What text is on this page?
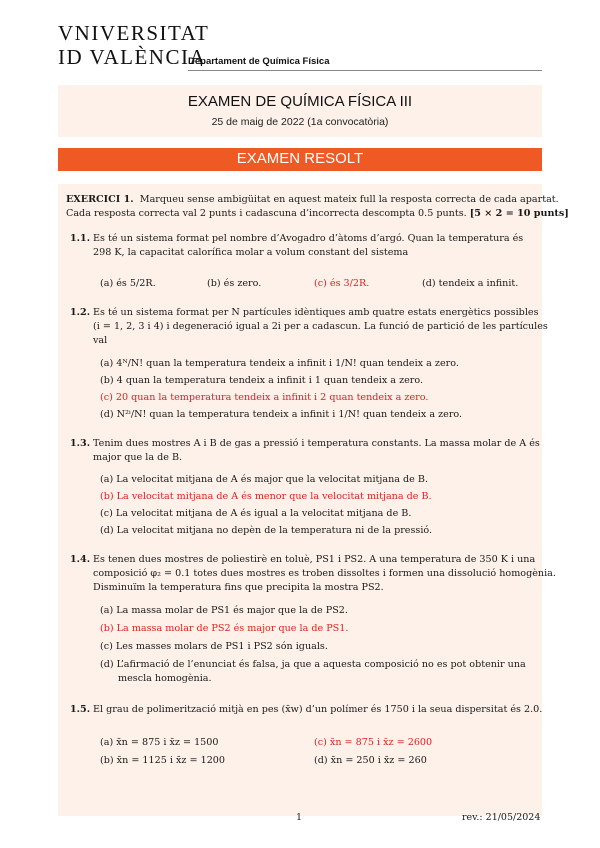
VNIVERSITAT
ID VALÈNCIA
Departament de Química Física
EXAMEN DE QUÍMICA FÍSICA III
25 de maig de 2022 (1a convocatòria)
EXAMEN RESOLT
EXERCICI 1. Marqueu sense ambigüitat en aquest mateix full la resposta correcta de cada apartat.
Cada resposta correcta val 2 punts i cadascuna d’incorrecta descompta 0.5 punts. [5 × 2 = 10 punts]
1.1. Es té un sistema format pel nombre d’Avogadro d’àtoms d’argó. Quan la temperatura és
298 K, la capacitat calorífica molar a volum constant del sistema
(a) és 5/2R.	(b) és zero.	(c) és 3/2R.	(d) tendeix a infinit.
1.2. Es té un sistema format per N partícules idèntiques amb quatre estats energètics possibles
(i = 1, 2, 3 i 4) i degeneració igual a 2i per a cadascun. La funció de partició de les partícules
val
(a) 4ᴺ/N! quan la temperatura tendeix a infinit i 1/N! quan tendeix a zero.
(b) 4 quan la temperatura tendeix a infinit i 1 quan tendeix a zero.
(c) 20 quan la temperatura tendeix a infinit i 2 quan tendeix a zero.
(d) N²ⁱ/N! quan la temperatura tendeix a infinit i 1/N! quan tendeix a zero.
1.3. Tenim dues mostres A i B de gas a pressió i temperatura constants. La massa molar de A és
major que la de B.
(a) La velocitat mitjana de A és major que la velocitat mitjana de B.
(b) La velocitat mitjana de A és menor que la velocitat mitjana de B.
(c) La velocitat mitjana de A és igual a la velocitat mitjana de B.
(d) La velocitat mitjana no depèn de la temperatura ni de la pressió.
1.4. Es tenen dues mostres de poliestirè en toluè, PS1 i PS2. A una temperatura de 350 K i una
composició φ₂ = 0.1 totes dues mostres es troben dissoltes i formen una dissolució homogènia.
Disminuïm la temperatura fins que precipita la mostra PS2.
(a) La massa molar de PS1 és major que la de PS2.
(b) La massa molar de PS2 és major que la de PS1.
(c) Les masses molars de PS1 i PS2 són iguals.
(d) L’afirmació de l’enunciat és falsa, ja que a aquesta composició no es pot obtenir una
mescla homogènia.
1.5. El grau de polimerització mitjà en pes (x̄w) d’un polímer és 1750 i la seua dispersitat és 2.0.
(a) x̄n = 875 i x̄z = 1500	(c) x̄n = 875 i x̄z = 2600
(b) x̄n = 1125 i x̄z = 1200	(d) x̄n = 250 i x̄z = 260
1	rev.: 21/05/2024
